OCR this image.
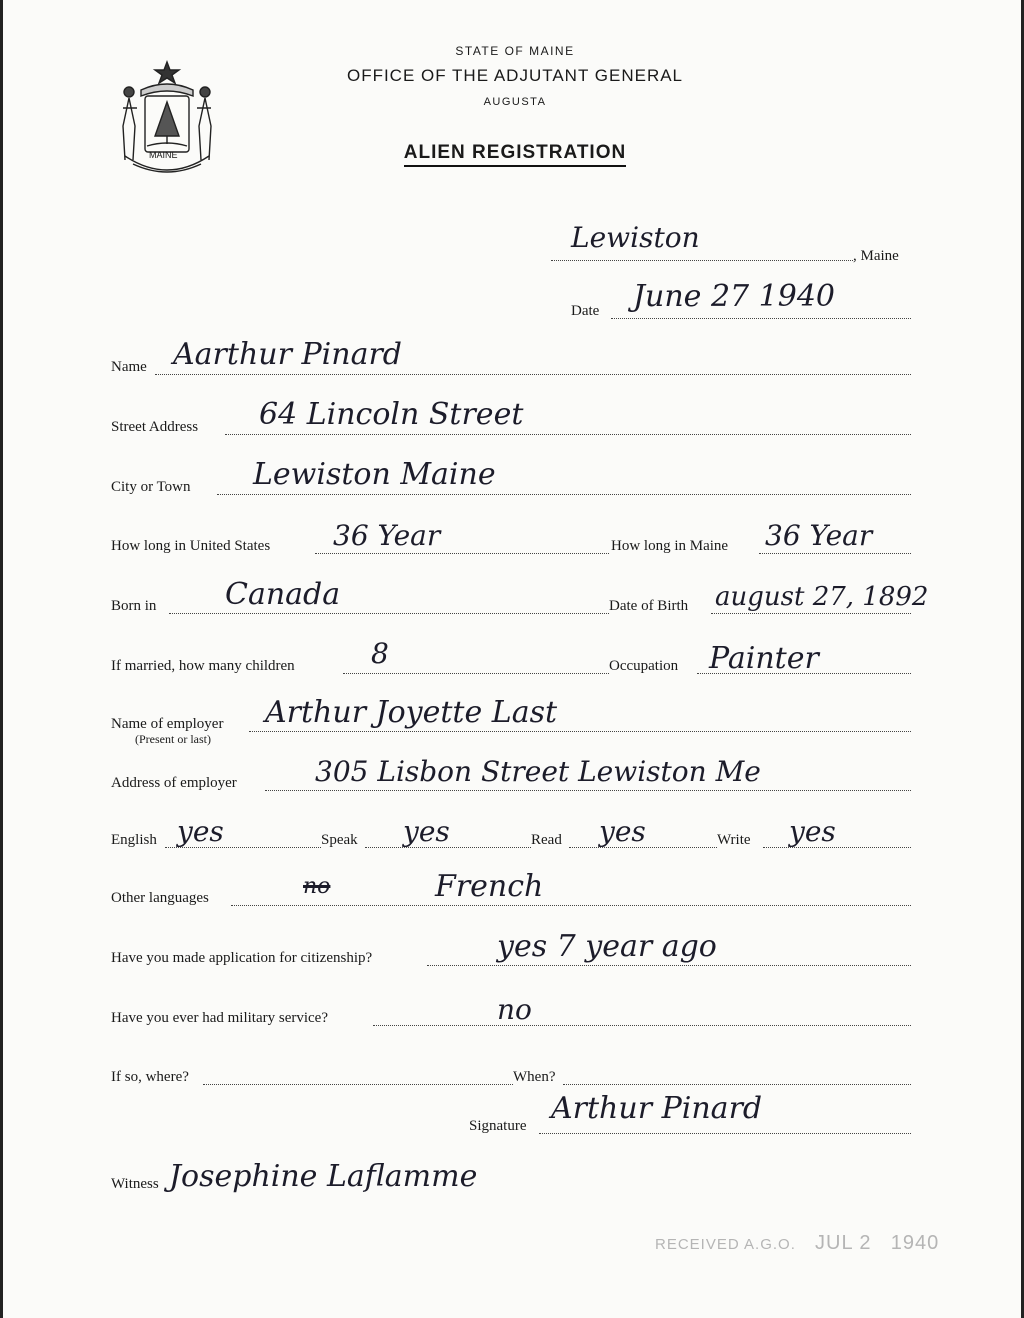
MAINE
STATE OF MAINE
OFFICE OF THE ADJUTANT GENERAL
AUGUSTA
ALIEN REGISTRATION
Lewiston
, Maine
Date June 27 1940
Name Aarthur Pinard
Street Address 64 Lincoln Street
City or Town Lewiston Maine
How long in United States 36 Year	How long in Maine 36 Year
Born in Canada	Date of Birth august 27, 1892
If married, how many children	8	Occupation Painter
Name of employer
(Present or last)
Arthur Joyette Last
Address of employer	305 Lisbon Street Lewiston Me
English yes	Speak yes	Read yes	Write yes
Other languages	no	French
Have you made application for citizenship?	yes 7 year ago
Have you ever had military service?	no
If so, where?	When?
Signature Arthur Pinard
Witness Josephine Laflamme
RECEIVED A.G.O. JUL 2 1940
